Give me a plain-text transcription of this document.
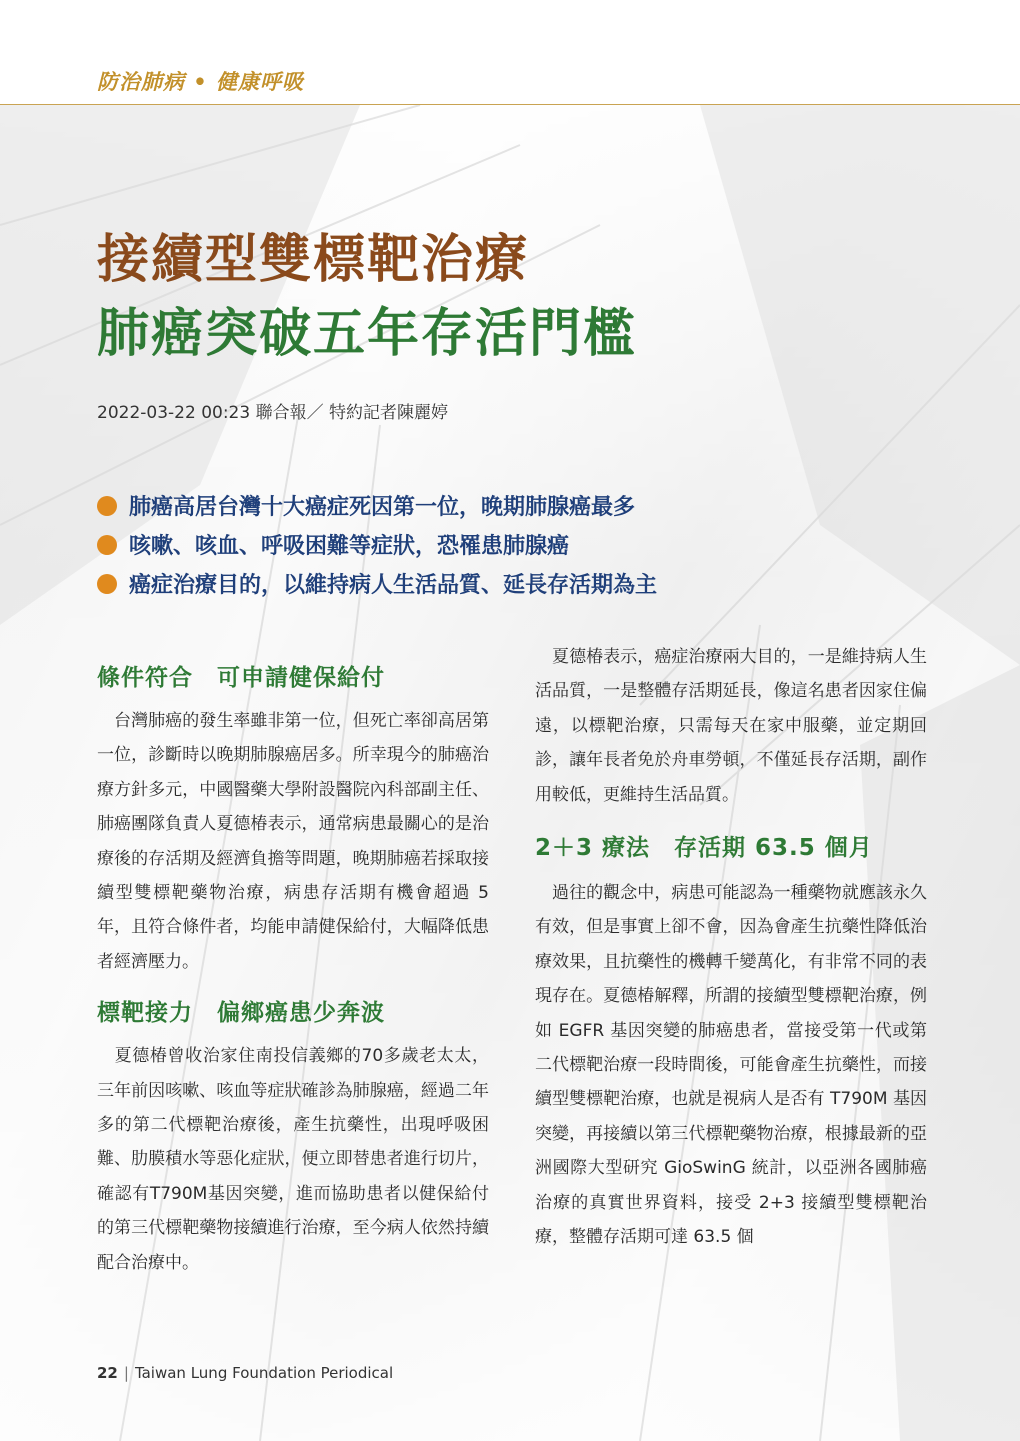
防治肺病 • 健康呼吸
接續型雙標靶治療
肺癌突破五年存活門檻
2022-03-22 00:23 聯合報／ 特約記者陳麗婷
肺癌高居台灣十大癌症死因第一位，晚期肺腺癌最多
咳嗽、咳血、呼吸困難等症狀，恐罹患肺腺癌
癌症治療目的，以維持病人生活品質、延長存活期為主
條件符合　可申請健保給付

　台灣肺癌的發生率雖非第一位，但死亡率卻高居第一位，診斷時以晚期肺腺癌居多。所幸現今的肺癌治療方針多元，中國醫藥大學附設醫院內科部副主任、肺癌團隊負責人夏德椿表示，通常病患最關心的是治療後的存活期及經濟負擔等問題，晚期肺癌若採取接續型雙標靶藥物治療，病患存活期有機會超過 5 年，且符合條件者，均能申請健保給付，大幅降低患者經濟壓力。

標靶接力　偏鄉癌患少奔波

　夏德椿曾收治家住南投信義鄉的70多歲老太太，三年前因咳嗽、咳血等症狀確診為肺腺癌，經過二年多的第二代標靶治療後，產生抗藥性，出現呼吸困難、肋膜積水等惡化症狀，便立即替患者進行切片，確認有T790M基因突變，進而協助患者以健保給付的第三代標靶藥物接續進行治療，至今病人依然持續配合治療中。

　夏德椿表示，癌症治療兩大目的，一是維持病人生活品質，一是整體存活期延長，像這名患者因家住偏遠，以標靶治療，只需每天在家中服藥，並定期回診，讓年長者免於舟車勞頓，不僅延長存活期，副作用較低，更維持生活品質。

2＋3 療法　存活期 63.5 個月

　過往的觀念中，病患可能認為一種藥物就應該永久有效，但是事實上卻不會，因為會產生抗藥性降低治療效果，且抗藥性的機轉千變萬化，有非常不同的表現存在。夏德椿解釋，所謂的接續型雙標靶治療，例如 EGFR 基因突變的肺癌患者，當接受第一代或第二代標靶治療一段時間後，可能會產生抗藥性，而接續型雙標靶治療，也就是視病人是否有 T790M 基因突變，再接續以第三代標靶藥物治療，根據最新的亞洲國際大型研究 GioSwinG 統計，以亞洲各國肺癌治療的真實世界資料，接受 2+3 接續型雙標靶治療，整體存活期可達 63.5 個

22 | Taiwan Lung Foundation Periodical
